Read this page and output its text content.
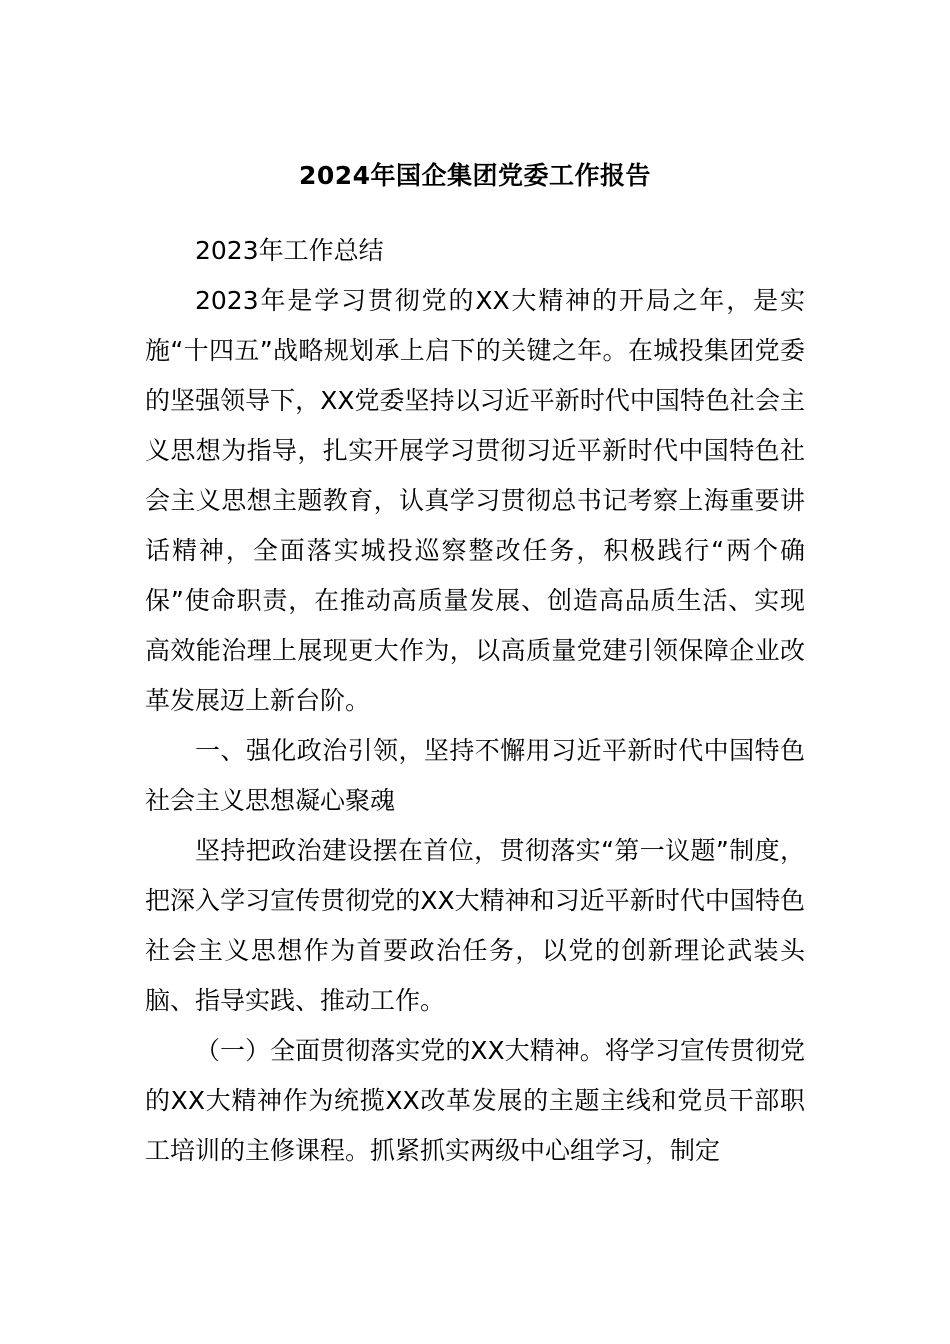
2024年国企集团党委工作报告

2023年工作总结

2023年是学习贯彻党的XX大精神的开局之年，是实施“十四五”战略规划承上启下的关键之年。在城投集团党委的坚强领导下，XX党委坚持以习近平新时代中国特色社会主义思想为指导，扎实开展学习贯彻习近平新时代中国特色社会主义思想主题教育，认真学习贯彻总书记考察上海重要讲话精神，全面落实城投巡察整改任务，积极践行“两个确保”使命职责，在推动高质量发展、创造高品质生活、实现高效能治理上展现更大作为，以高质量党建引领保障企业改革发展迈上新台阶。

一、强化政治引领，坚持不懈用习近平新时代中国特色社会主义思想凝心聚魂

坚持把政治建设摆在首位，贯彻落实“第一议题”制度，把深入学习宣传贯彻党的XX大精神和习近平新时代中国特色社会主义思想作为首要政治任务，以党的创新理论武装头脑、指导实践、推动工作。

（一）全面贯彻落实党的XX大精神。将学习宣传贯彻党的XX大精神作为统揽XX改革发展的主题主线和党员干部职工培训的主修课程。抓紧抓实两级中心组学习，制定
